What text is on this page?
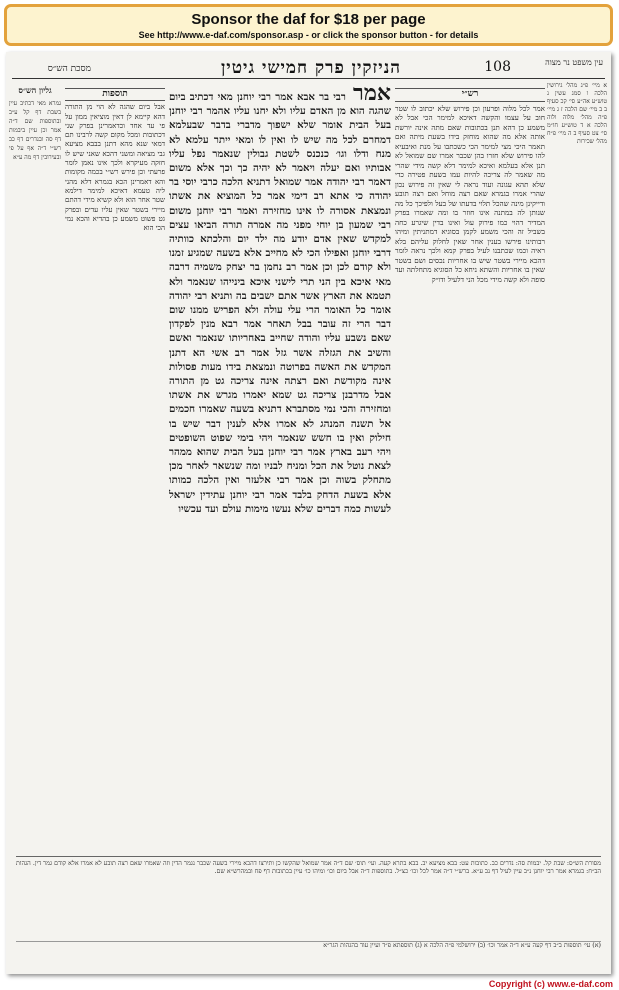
Sponsor the daf for $18 per page
See http://www.e-daf.com/sponsor.asp - or click the sponsor button - for details
מסכת הש״ס	הניזקין פרק חמישי גיטין	108	עין משפט נר מצוה
א מיי׳ פ״ג מהל׳ גירושין הלכה ו סמג עשין נ טוש״ע אה״ע סי׳ קכ סעיף ב ב מיי׳ שם הלכה ז ג מיי׳ פ״ה מהל׳ מלוה ולוה הלכה א ד טוש״ע חו״מ סי׳ צט סעיף ב ה מיי׳ פ״ח מהל׳ שכירות
רש״י
אמר לכל מלוה ופרעון וכן פירוש שלא יכתוב לו שטר חוב על עצמו והקשה דאיכא למימר הכי אבל לא משמע כן דהא תנן בכתובות שאם מתה אינה יורשת אותה אלא מה שהוא מוחזק בידו בשעת מיתה ואם תאמר היכי מצי למימר הכי כשכתבו על מנת ואיבעיא להו פירוש שלא חזרו בהן שכבר אמרו שם שמואל לא תנן אלא בעלמא ואיכא למימר דלא קשה מידי שהרי מה שאמר לה צריכה להיות עמו בשעת פטירה כדי שלא תהא עגונה ועוד נראה לי שאין זה פירוש נכון שהרי אמרו בגמרא שאם רצה מוחל ואם רצה תובע ודייקינן מינה שהכל תלוי בדעתו של בעל ולפיכך כל מה שנותן לה במתנה אינו חוזר בו ומה שאמרו בפרק המדיר דהוי כמו פירוק עול ואינו בדין שיגרע כחה בשביל זה והכי משמע לקמן בסוגיא דמתניתין ומיהו רבותינו פירשו בענין אחר שאין לחלוק עליהם בלא ראיה וכמו שכתבנו לעיל בפרק קמא ולכך נראה לומר דהכא מיירי בשטר שיש בו אחריות נכסים ושם בשטר שאין בו אחריות והשתא ניחא כל הסוגיא מתחלתה ועד סופה ולא קשה מידי מכל הני דלעיל ודו״ק
אמר רבי בר אבא אמר רבי יוחנן מאי דכתיב ביום שהגה הוא מן האדם עליו ולא יחנו עליו אהמר רבי יוחנן בעל הבית אומר שלא ישפוך מדברי בדבר שבעלמא דמחרם לכל מה שיש לו ואין לו ומאי ייתר עלמא לא מנח ודלו וגו׳ כנכנס לשטת גבולין שנאמר נפל עליו אבותיו ואם יעלה ויאמר לא יהיה כך וכך אלא משום דאמר רבי יהודה אמר שמואל דתניא הלכה כרבי יוסי בר יהודה כי אתא רב דימי אמר כל המוציא את אשתו ונמצאת אסורה לו אינו מחזירה ואמר רבי יוחנן משום רבי שמעון בן יוחי מפני מה אמרה תורה הביאו עצים למקדש שאין אדם יודע מה ילד יום והלכתא כוותיה דרבי יוחנן ואפילו הכי לא מחייב אלא בשעה שמגיע זמנו ולא קודם לכן וכן אמר רב נחמן בר יצחק משמיה דרבה מאי איכא בין הני תרי לישני איכא בינייהו שנאמר ולא תטמא את הארץ אשר אתם ישבים בה ותניא רבי יהודה אומר כל האומר הרי עלי עולה ולא הפריש ממנו שום דבר הרי זה עובר בבל תאחר אמר רבא מנין לפקדון שאם נשבע עליו והודה שחייב באחריותו שנאמר ואשם והשיב את הגזלה אשר גזל אמר רב אשי הא דתנן המקדש את האשה בפרוטה ונמצאת בידו מעות פסולות אינה מקודשת ואם רצתה אינה צריכה גט מן התורה אבל מדרבנן צריכה גט שמא יאמרו מגרש את אשתו ומחזירה והכי נמי מסתברא דתניא בשעה שאמרו חכמים אל תשנה המנהג לא אמרו אלא לענין דבר שיש בו חילוק ואין בו חשש שנאמר ויהי בימי שפוט השופטים ויהי רעב בארץ אמר רבי יוחנן בעל הבית שהוא ממהר לצאת נוטל את הכל ומניח לבניו ומה שנשאר לאחר מכן מתחלק בשוה וכן אמר רבי אלעזר ואין הלכה כמותו אלא בשעת הדחק בלבד אמר רבי יוחנן עתידין ישראל לעשות כמה דברים שלא נעשו מימות עולם ועד עכשיו
תוספות
אבל ביום שהגה לא הוי מן התורה דהא קיימא לן דאין מוציאין ממון על פי עד אחד וכדאמרינן בפרק שני דכתובות ומכל מקום קשה לרבינו תם דמאי שנא מהא דתנן בבבא מציעא גבי מציאה ומשני דהכא שאני שיש לו חזקה מעיקרא ולכך אינו נאמן לומר פרעתי וכן פירש רש״י בכמה מקומות והא דאמרינן הכא בגמרא דלא מהני ליה טעמא דאיכא למימר דילמא שטר אחר הוא ולא קשיא מידי דהתם מיירי בשטר שאין עליו עדים ובפרק גט פשוט משמע כן בהדיא והכא נמי הכי הוא
גליון הש״ס
גמרא מאי דכתיב עיין בשבת דף קל ע״ב ובתוספות שם ד״ה אמר וכן עיין ביבמות דף סה ובנדרים דף כב רש״י ד״ה אף על פי ובעירובין דף מה ע״א
מסורת הש״ס: שבת קל. יבמות סה: נדרים כב. כתובות עט: בבא מציעא יב. בבא בתרא קעה. ועי׳ תוס׳ שם ד״ה אמר שמואל שהקשו כן ותירצו דהכא מיירי בשעה שכבר נגמר הדין וזה שאמרו שאם רצה תובע לא אמרו אלא קודם גמר דין. הגהות הב״ח: בגמרא אמר רבי יוחנן נ״ב עיין לעיל דף נב ע״א. ברש״י ד״ה אמר לכל וכו׳ כצ״ל. בתוספות ד״ה אבל ביום וכו׳ ומיהו כו׳ עיין בכתובות דף פח ובמהרש״א שם.
(א) עי׳ תוספות ב״ב דף קעה ע״א ד״ה אמר וכו׳ (ב) ירושלמי פ״ה הלכה א (ג) תוספתא פ״ד ועיין עוד בהגהות הגר״א
Copyright (c) www.e-daf.com
